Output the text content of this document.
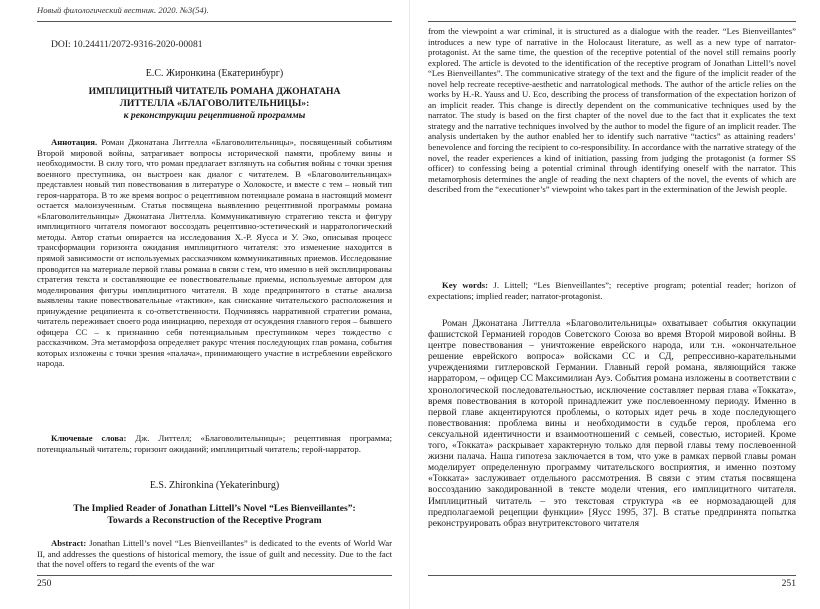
Новый филологический вестник. 2020. №3(54).
DOI: 10.24411/2072-9316-2020-00081
Е.С. Жиронкина (Екатеринбург)
ИМПЛИЦИТНЫЙ ЧИТАТЕЛЬ РОМАНА ДЖОНАТАНА
ЛИТТЕЛЛА «БЛАГОВОЛИТЕЛЬНИЦЫ»:
к реконструкции рецептивной программы

Аннотация. Роман Джонатана Литтелла «Благоволительницы», посвященный событиям Второй мировой войны, затрагивает вопросы исторической памяти, проблему вины и необходимости. В силу того, что роман предлагает взглянуть на события войны с точки зрения военного преступника, он выстроен как диалог с читателем. В «Благоволительницах» представлен новый тип повествования в литературе о Холокосте, и вместе с тем – новый тип героя-нарратора. В то же время вопрос о рецептивном потенциале романа в настоящий момент остается малоизученным. Статья посвящена выявлению рецептивной программы романа «Благоволительницы» Джонатана Литтелла. Коммуникативную стратегию текста и фигуру имплицитного читателя помогают воссоздать рецептивно-эстетический и нарратологический методы. Автор статьи опирается на исследования Х.-Р. Яусса и У. Эко, описывая процесс трансформации горизонта ожидания имплицитного читателя: это изменение находится в прямой зависимости от используемых рассказчиком коммуникативных приемов. Исследование проводится на материале первой главы романа в связи с тем, что именно в ней эксплицированы стратегия текста и составляющие ее повествовательные приемы, используемые автором для моделирования фигуры имплицитного читателя. В ходе предпринятого в статье анализа выявлены такие повествовательные «тактики», как снискание читательского расположения и принуждение реципиента к со-ответственности. Подчиняясь нарративной стратегии романа, читатель переживает своего рода инициацию, переходя от осуждения главного героя – бывшего офицера СС – к признанию себя потенциальным преступником через тождество с рассказчиком. Эта метаморфоза определяет ракурс чтения последующих глав романа, события которых изложены с точки зрения «палача», принимающего участие в истреблении еврейского народа.

Ключевые слова: Дж. Литтелл; «Благоволительницы»; рецептивная программа; потенциальный читатель; горизонт ожиданий; имплицитный читатель; герой-нарратор.

E.S. Zhironkina (Yekaterinburg)
The Implied Reader of Jonathan Littell’s Novel “Les Bienveillantes”:
Towards a Reconstruction of the Receptive Program

Abstract: Jonathan Littell’s novel “Les Bienveillantes” is dedicated to the events of World War II, and addresses the questions of historical memory, the issue of guilt and necessity. Due to the fact that the novel offers to regard the events of the war

250

from the viewpoint a war criminal, it is structured as a dialogue with the reader. “Les Bienveillantes” introduces a new type of narrative in the Holocaust literature, as well as a new type of narrator-protagonist. At the same time, the question of the receptive potential of the novel still remains poorly explored. The article is devoted to the identification of the receptive program of Jonathan Littell’s novel “Les Bienveillantes”. The communicative strategy of the text and the figure of the implicit reader of the novel help recreate receptive-aesthetic and narratological methods. The author of the article relies on the works by H.-R. Yauss and U. Eco, describing the process of transformation of the expectation horizon of an implicit reader. This change is directly dependent on the communicative techniques used by the narrator. The study is based on the first chapter of the novel due to the fact that it explicates the text strategy and the narrative techniques involved by the author to model the figure of an implicit reader. The analysis undertaken by the author enabled her to identify such narrative “tactics” as attaining readers’ benevolence and forcing the recipient to co-responsibility. In accordance with the narrative strategy of the novel, the reader experiences a kind of initiation, passing from judging the protagonist (a former SS officer) to confessing being a potential criminal through identifying oneself with the narrator. This metamorphosis determines the angle of reading the next chapters of the novel, the events of which are described from the “executioner’s” viewpoint who takes part in the extermination of the Jewish people.

Key words: J. Littell; “Les Bienveillantes”; receptive program; potential reader; horizon of expectations; implied reader; narrator-protagonist.

Роман Джонатана Литтелла «Благоволительницы» охватывает события оккупации фашистской Германией городов Советского Союза во время Второй мировой войны. В центре повествования – уничтожение еврейского народа, или т.н. «окончательное решение еврейского вопроса» войсками СС и СД, репрессивно-карательными учреждениями гитлеровской Германии. Главный герой романа, являющийся также нарратором, – офицер СС Максимилиан Ауэ. События романа изложены в соответствии с хронологической последовательностью, исключение составляет первая глава «Токката», время повествования в которой принадлежит уже послевоенному периоду. Именно в первой главе акцентируются проблемы, о которых идет речь в ходе последующего повествования: проблема вины и необходимости в судьбе героя, проблема его сексуальной идентичности и взаимоотношений с семьей, совестью, историей. Кроме того, «Токката» раскрывает характерную только для первой главы тему послевоенной жизни палача. Наша гипотеза заключается в том, что уже в рамках первой главы роман моделирует определенную программу читательского восприятия, и именно поэтому «Токката» заслуживает отдельного рассмотрения. В связи с этим статья посвящена воссозданию закодированной в тексте модели чтения, его имплицитного читателя. Имплицитный читатель – это текстовая структура «в ее нормозадающей для предполагаемой рецепции функции» [Яусс 1995, 37]. В статье предпринята попытка реконструировать образ внутритекстового читателя

251
